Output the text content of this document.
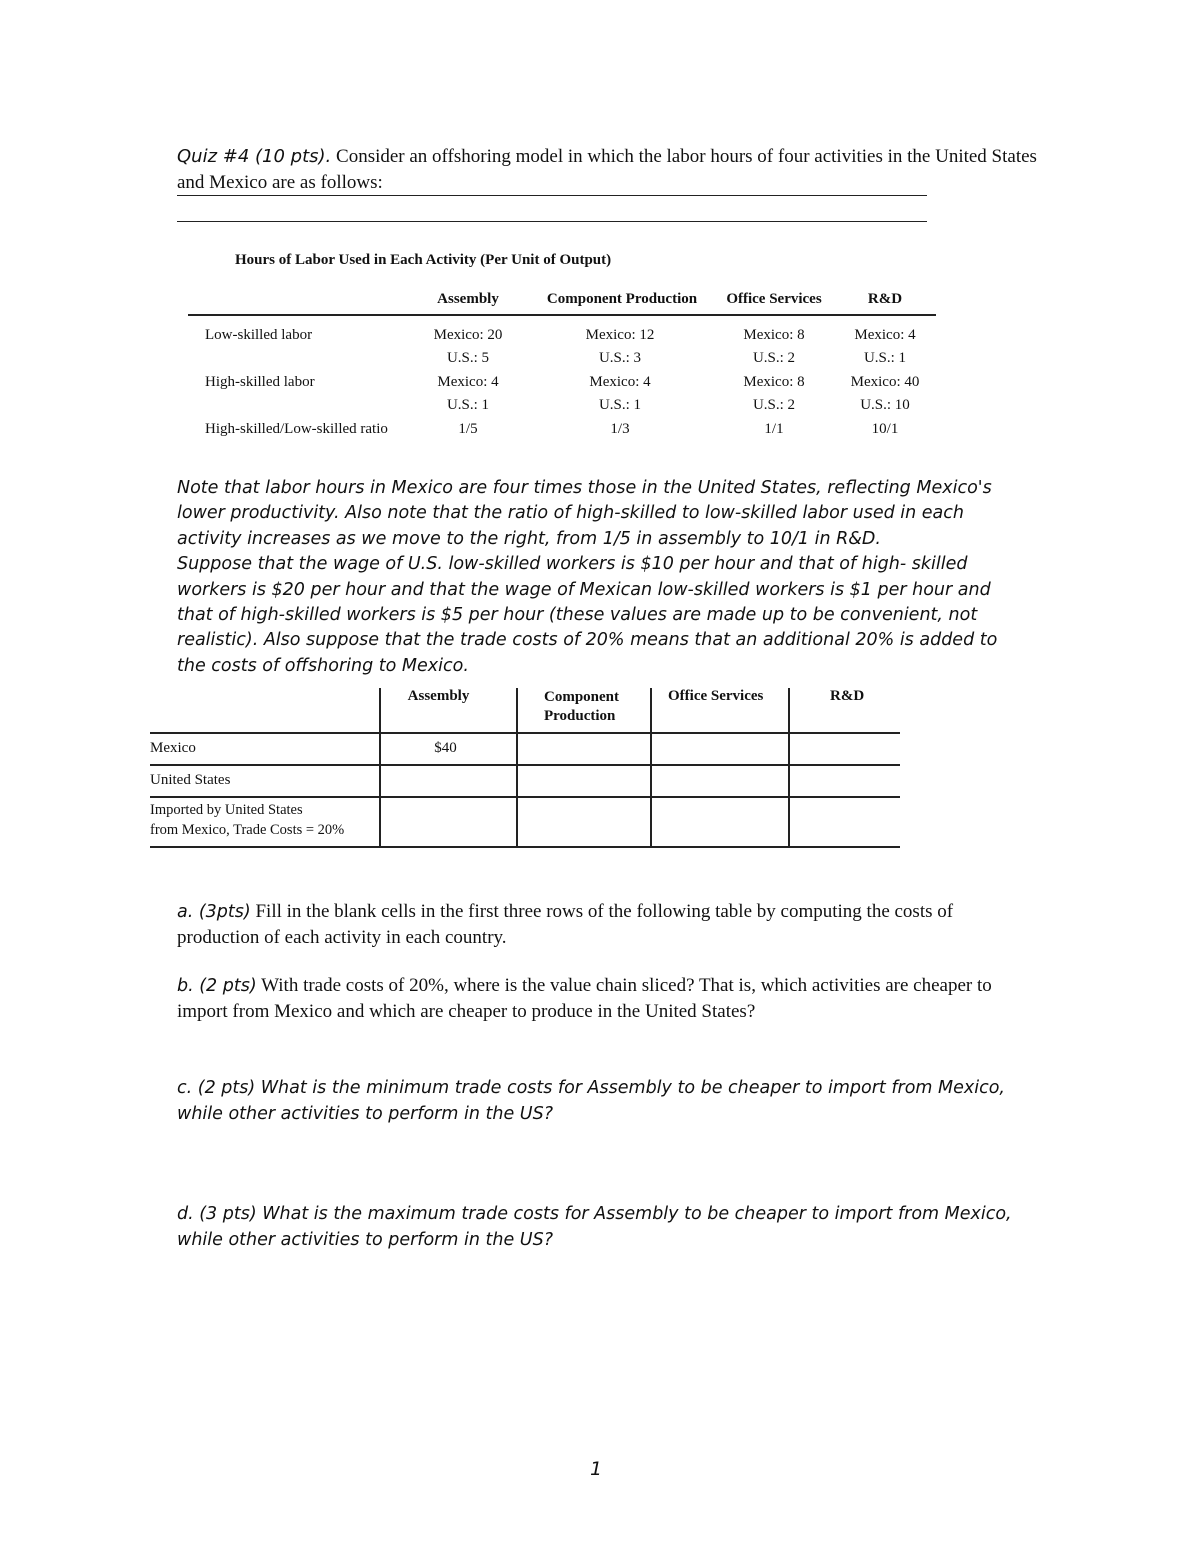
Quiz #4 (10 pts). Consider an offshoring model in which the labor hours of four activities in the United States and Mexico are as follows:
Hours of Labor Used in Each Activity (Per Unit of Output)
Assembly	Component Production	Office Services	R&D
Low-skilled labor	Mexico: 20	Mexico: 12	Mexico: 8	Mexico: 4
U.S.: 5	U.S.: 3	U.S.: 2	U.S.: 1
High-skilled labor	Mexico: 4	Mexico: 4	Mexico: 8	Mexico: 40
U.S.: 1	U.S.: 1	U.S.: 2	U.S.: 10
High-skilled/Low-skilled ratio	1/5	1/3	1/1	10/1

Note that labor hours in Mexico are four times those in the United States, reflecting Mexico's lower productivity. Also note that the ratio of high-skilled to low-skilled labor used in each activity increases as we move to the right, from 1/5 in assembly to 10/1 in R&D.

Suppose that the wage of U.S. low-skilled workers is $10 per hour and that of high- skilled workers is $20 per hour and that the wage of Mexican low-skilled workers is $1 per hour and that of high-skilled workers is $5 per hour (these values are made up to be convenient, not realistic). Also suppose that the trade costs of 20% means that an additional 20% is added to the costs of offshoring to Mexico.

	Assembly	Component Production	Office Services	R&D

Mexico	$40			

United States				

Imported by United States
from Mexico, Trade Costs = 20%				

a. (3pts) Fill in the blank cells in the first three rows of the following table by computing the costs of production of each activity in each country.
b. (2 pts) With trade costs of 20%, where is the value chain sliced? That is, which activities are cheaper to import from Mexico and which are cheaper to produce in the United States?
c. (2 pts) What is the minimum trade costs for Assembly to be cheaper to import from Mexico, while other activities to perform in the US?
d. (3 pts) What is the maximum trade costs for Assembly to be cheaper to import from Mexico, while other activities to perform in the US?
1
